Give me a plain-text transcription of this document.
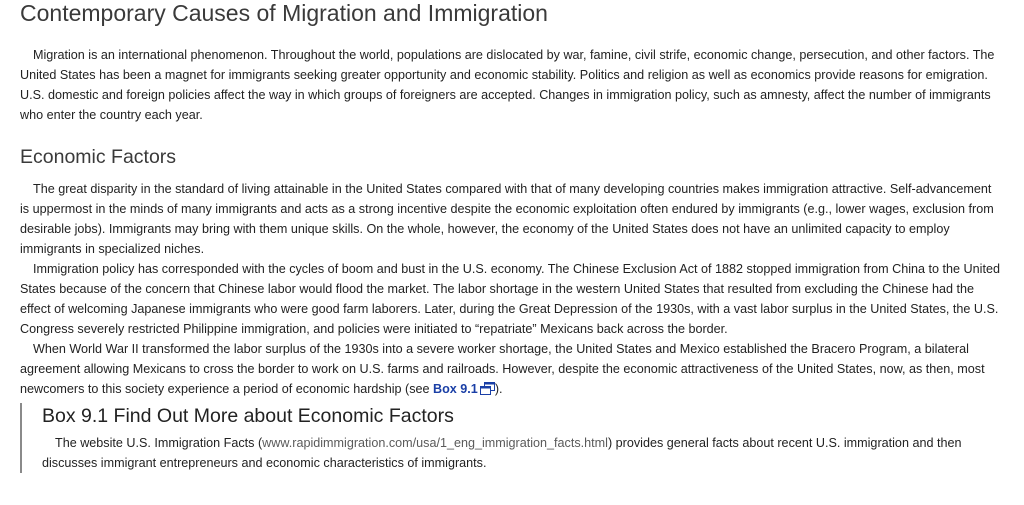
Contemporary Causes of Migration and Immigration

Migration is an international phenomenon. Throughout the world, populations are dislocated by war, famine, civil strife, economic change, persecution, and other factors. The United States has been a magnet for immigrants seeking greater opportunity and economic stability. Politics and religion as well as economics provide reasons for emigration. U.S. domestic and foreign policies affect the way in which groups of foreigners are accepted. Changes in immigration policy, such as amnesty, affect the number of immigrants who enter the country each year.

Economic Factors

The great disparity in the standard of living attainable in the United States compared with that of many developing countries makes immigration attractive. Self-advancement is uppermost in the minds of many immigrants and acts as a strong incentive despite the economic exploitation often endured by immigrants (e.g., lower wages, exclusion from desirable jobs). Immigrants may bring with them unique skills. On the whole, however, the economy of the United States does not have an unlimited capacity to employ immigrants in specialized niches.

Immigration policy has corresponded with the cycles of boom and bust in the U.S. economy. The Chinese Exclusion Act of 1882 stopped immigration from China to the United States because of the concern that Chinese labor would flood the market. The labor shortage in the western United States that resulted from excluding the Chinese had the effect of welcoming Japanese immigrants who were good farm laborers. Later, during the Great Depression of the 1930s, with a vast labor surplus in the United States, the U.S. Congress severely restricted Philippine immigration, and policies were initiated to “repatriate” Mexicans back across the border.

When World War II transformed the labor surplus of the 1930s into a severe worker shortage, the United States and Mexico established the Bracero Program, a bilateral agreement allowing Mexicans to cross the border to work on U.S. farms and railroads. However, despite the economic attractiveness of the United States, now, as then, most newcomers to this society experience a period of economic hardship (see Box 9.1 ).

Box 9.1 Find Out More about Economic Factors

The website U.S. Immigration Facts (www.rapidimmigration.com/usa/1_eng_immigration_facts.html) provides general facts about recent U.S. immigration and then discusses immigrant entrepreneurs and economic characteristics of immigrants.
